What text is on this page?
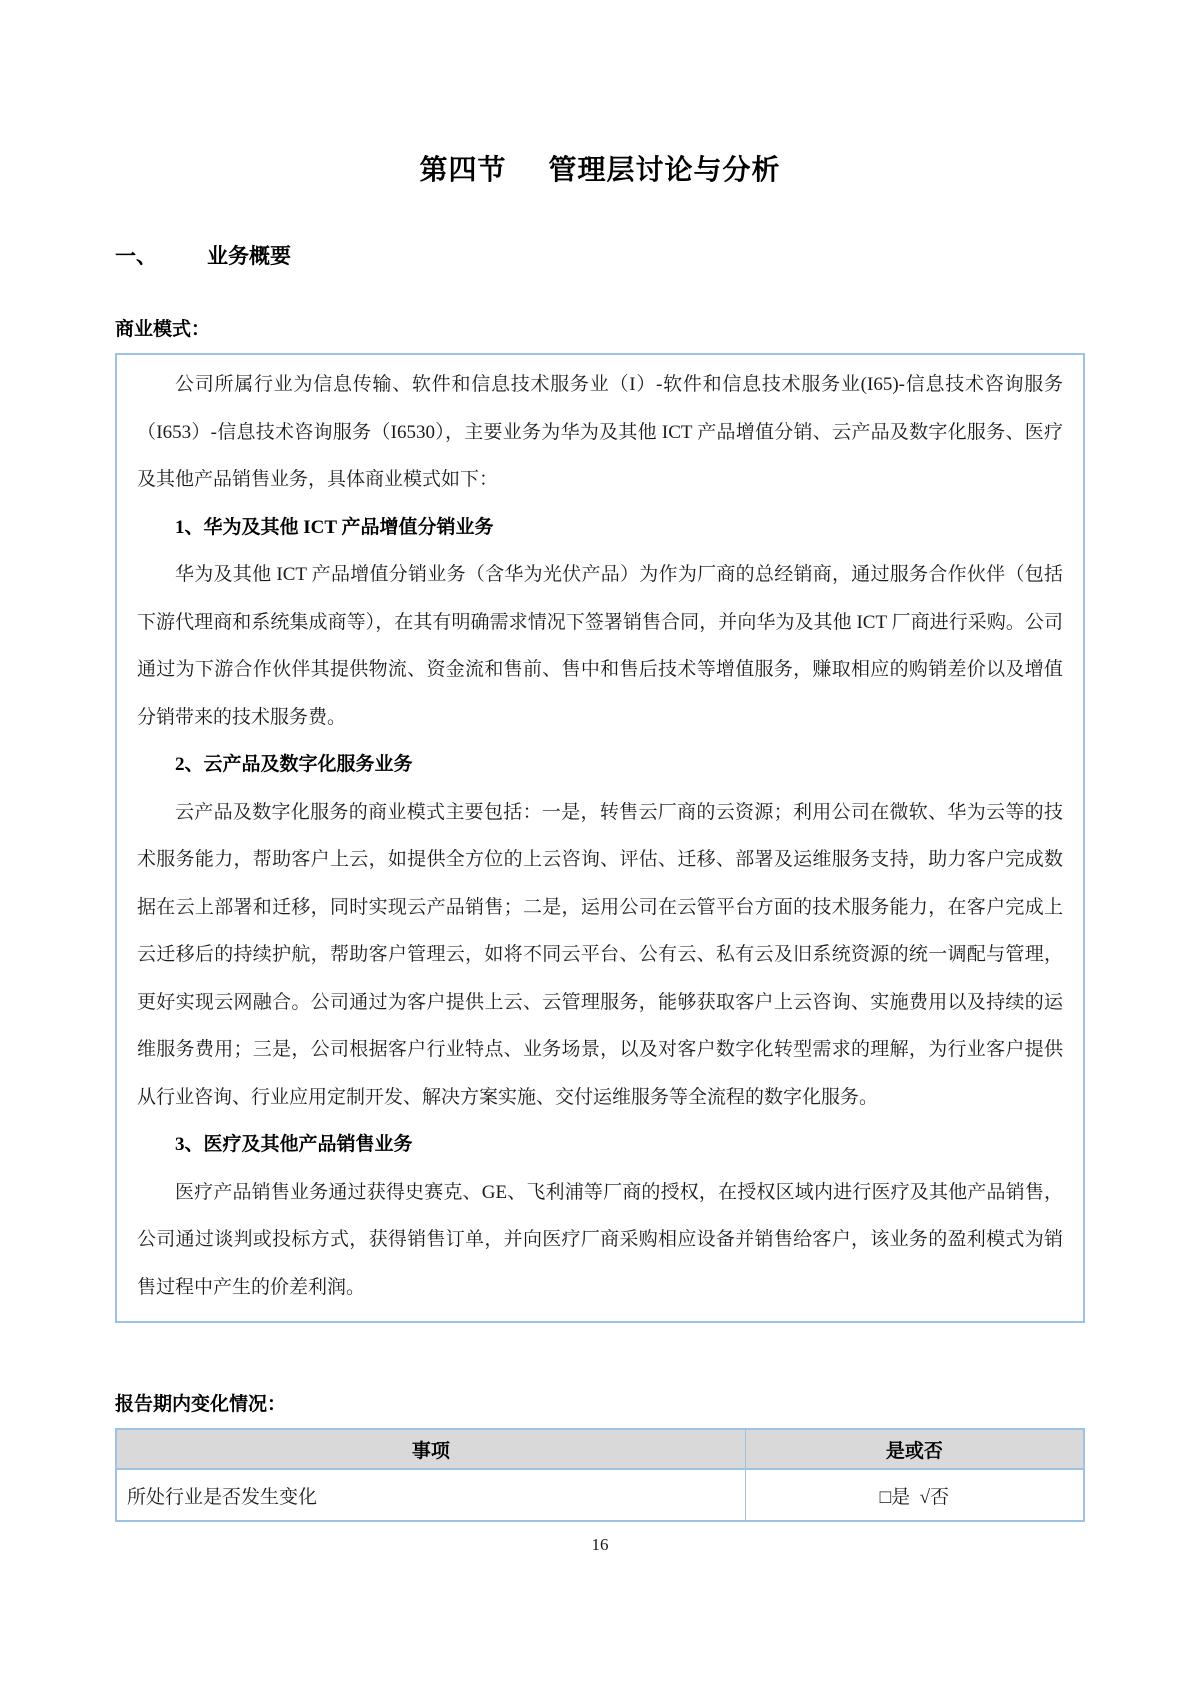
第四节 管理层讨论与分析
一、 业务概要
商业模式：

公司所属行业为信息传输、软件和信息技术服务业（I）-软件和信息技术服务业(I65)-信息技术咨询服务（I653）-信息技术咨询服务（I6530），主要业务为华为及其他 ICT 产品增值分销、云产品及数字化服务、医疗及其他产品销售业务，具体商业模式如下：

1、华为及其他 ICT 产品增值分销业务

华为及其他 ICT 产品增值分销业务（含华为光伏产品）为作为厂商的总经销商，通过服务合作伙伴（包括下游代理商和系统集成商等），在其有明确需求情况下签署销售合同，并向华为及其他 ICT 厂商进行采购。公司通过为下游合作伙伴其提供物流、资金流和售前、售中和售后技术等增值服务，赚取相应的购销差价以及增值分销带来的技术服务费。

2、云产品及数字化服务业务

云产品及数字化服务的商业模式主要包括：一是，转售云厂商的云资源；利用公司在微软、华为云等的技术服务能力，帮助客户上云，如提供全方位的上云咨询、评估、迁移、部署及运维服务支持，助力客户完成数据在云上部署和迁移，同时实现云产品销售；二是，运用公司在云管平台方面的技术服务能力，在客户完成上云迁移后的持续护航，帮助客户管理云，如将不同云平台、公有云、私有云及旧系统资源的统一调配与管理，更好实现云网融合。公司通过为客户提供上云、云管理服务，能够获取客户上云咨询、实施费用以及持续的运维服务费用；三是，公司根据客户行业特点、业务场景，以及对客户数字化转型需求的理解，为行业客户提供从行业咨询、行业应用定制开发、解决方案实施、交付运维服务等全流程的数字化服务。

3、医疗及其他产品销售业务

医疗产品销售业务通过获得史赛克、GE、飞利浦等厂商的授权，在授权区域内进行医疗及其他产品销售，公司通过谈判或投标方式，获得销售订单，并向医疗厂商采购相应设备并销售给客户，该业务的盈利模式为销售过程中产生的价差利润。

报告期内变化情况：
事项	是或否
所处行业是否发生变化	□是  √否
16
